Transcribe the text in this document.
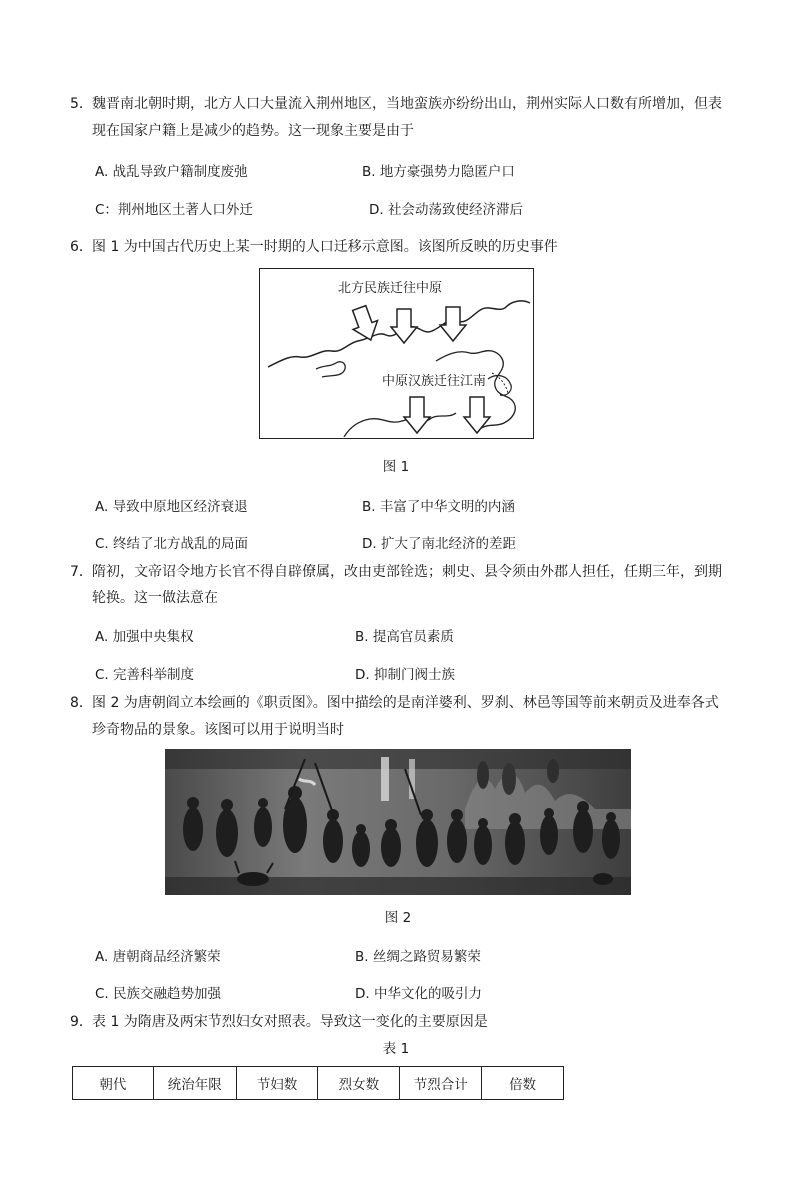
5． 魏晋南北朝时期，北方人口大量流入荆州地区，当地蛮族亦纷纷出山，荆州实际人口数有所增加，但表
现在国家户籍上是减少的趋势。这一现象主要是由于
A. 战乱导致户籍制度废弛	B. 地方豪强势力隐匿户口
C：荆州地区土著人口外迁	D. 社会动荡致使经济滞后
6． 图 1 为中国古代历史上某一时期的人口迁移示意图。该图所反映的历史事件
北方民族迁往中原
中原汉族迁往江南
图 1
A. 导致中原地区经济衰退	B. 丰富了中华文明的内涵
C. 终结了北方战乱的局面	D. 扩大了南北经济的差距
7． 隋初，文帝诏令地方长官不得自辟僚属，改由吏部铨选；刺史、县令须由外郡人担任，任期三年，到期
轮换。这一做法意在
A. 加强中央集权	B. 提高官员素质
C. 完善科举制度	D. 抑制门阀士族
8． 图 2 为唐朝阎立本绘画的《职贡图》。图中描绘的是南洋婆利、罗刹、林邑等国等前来朝贡及进奉各式
珍奇物品的景象。该图可以用于说明当时
图 2
A. 唐朝商品经济繁荣	B. 丝绸之路贸易繁荣
C. 民族交融趋势加强	D. 中华文化的吸引力
9． 表 1 为隋唐及两宋节烈妇女对照表。导致这一变化的主要原因是
表 1
朝代	统治年限	节妇数	烈女数	节烈合计	倍数
